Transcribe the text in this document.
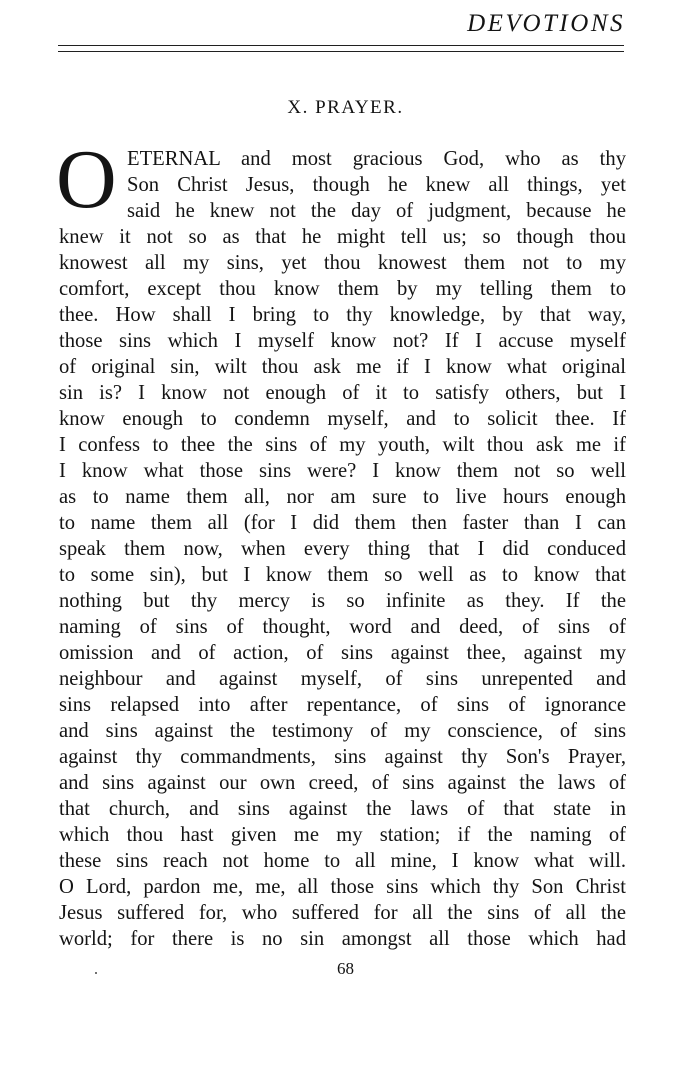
DEVOTIONS
X. PRAYER.
O ETERNAL and most gracious God, who as thy
Son Christ Jesus, though he knew all things, yet
said he knew not the day of judgment, because he
knew it not so as that he might tell us; so though thou
knowest all my sins, yet thou knowest them not to my
comfort, except thou know them by my telling them to
thee. How shall I bring to thy knowledge, by that way,
those sins which I myself know not? If I accuse myself
of original sin, wilt thou ask me if I know what original
sin is? I know not enough of it to satisfy others, but I
know enough to condemn myself, and to solicit thee. If
I confess to thee the sins of my youth, wilt thou ask me if
I know what those sins were? I know them not so well
as to name them all, nor am sure to live hours enough
to name them all (for I did them then faster than I can
speak them now, when every thing that I did conduced
to some sin), but I know them so well as to know that
nothing but thy mercy is so infinite as they. If the
naming of sins of thought, word and deed, of sins of
omission and of action, of sins against thee, against my
neighbour and against myself, of sins unrepented and
sins relapsed into after repentance, of sins of ignorance
and sins against the testimony of my conscience, of sins
against thy commandments, sins against thy Son's Prayer,
and sins against our own creed, of sins against the laws of
that church, and sins against the laws of that state in
which thou hast given me my station; if the naming of
these sins reach not home to all mine, I know what will.
O Lord, pardon me, me, all those sins which thy Son Christ
Jesus suffered for, who suffered for all the sins of all the
world; for there is no sin amongst all those which had
68
